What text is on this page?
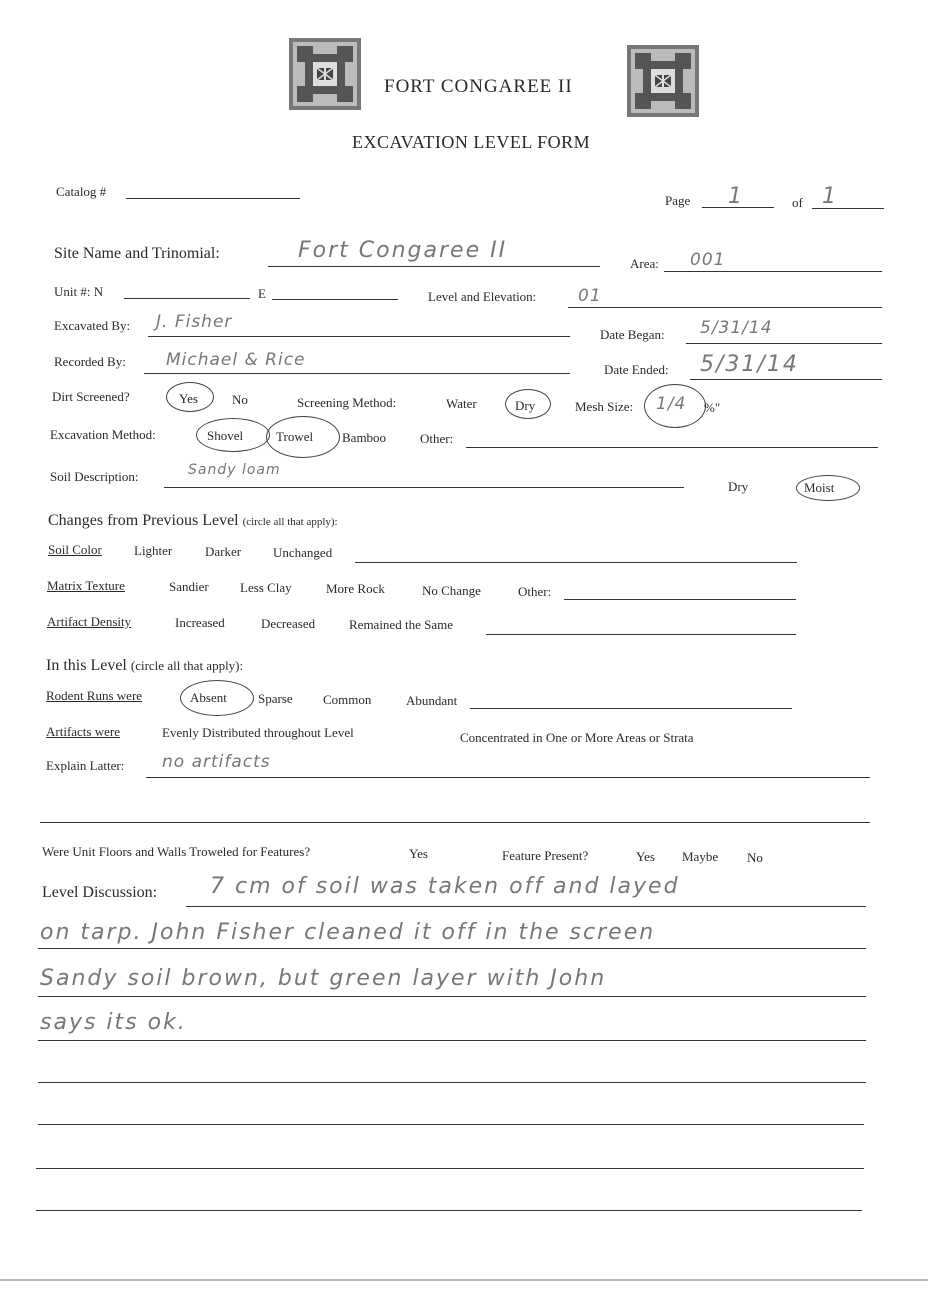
FORT CONGAREE II
EXCAVATION LEVEL FORM
Catalog #
Page 1	of 1
Site Name and Trinomial:	Fort Congaree II
Area: 001
Unit #: N	E	Level and Elevation: 01
Excavated By: J. Fisher
Date Began: 5/31/14
Recorded By: Michael & Rice	Date Ended: 5/31/14
Dirt Screened?	Yes	No	Screening Method:	Water	Dry	Mesh Size: 1/4 %"
Excavation Method:	Shovel	Trowel Bamboo	Other:
Soil Description:	Sandy loam
Dry	Moist
Changes from Previous Level (circle all that apply):
Soil Color Lighter	Darker Unchanged
Matrix Texture	Sandier Less Clay	More Rock	No Change	Other:
Artifact Density	Increased	Decreased	Remained the Same
In this Level (circle all that apply):
Rodent Runs were	Absent Sparse Common	Abundant
Artifacts were	Evenly Distributed throughout Level	Concentrated in One or More Areas or Strata
Explain Latter: no artifacts
Were Unit Floors and Walls Troweled for Features?	Yes	Feature Present?	Yes Maybe No
Level Discussion: 7 cm of soil was taken off and layed
on tarp. John Fisher cleaned it off in the screen
Sandy soil brown, but green layer with John
says its ok.
